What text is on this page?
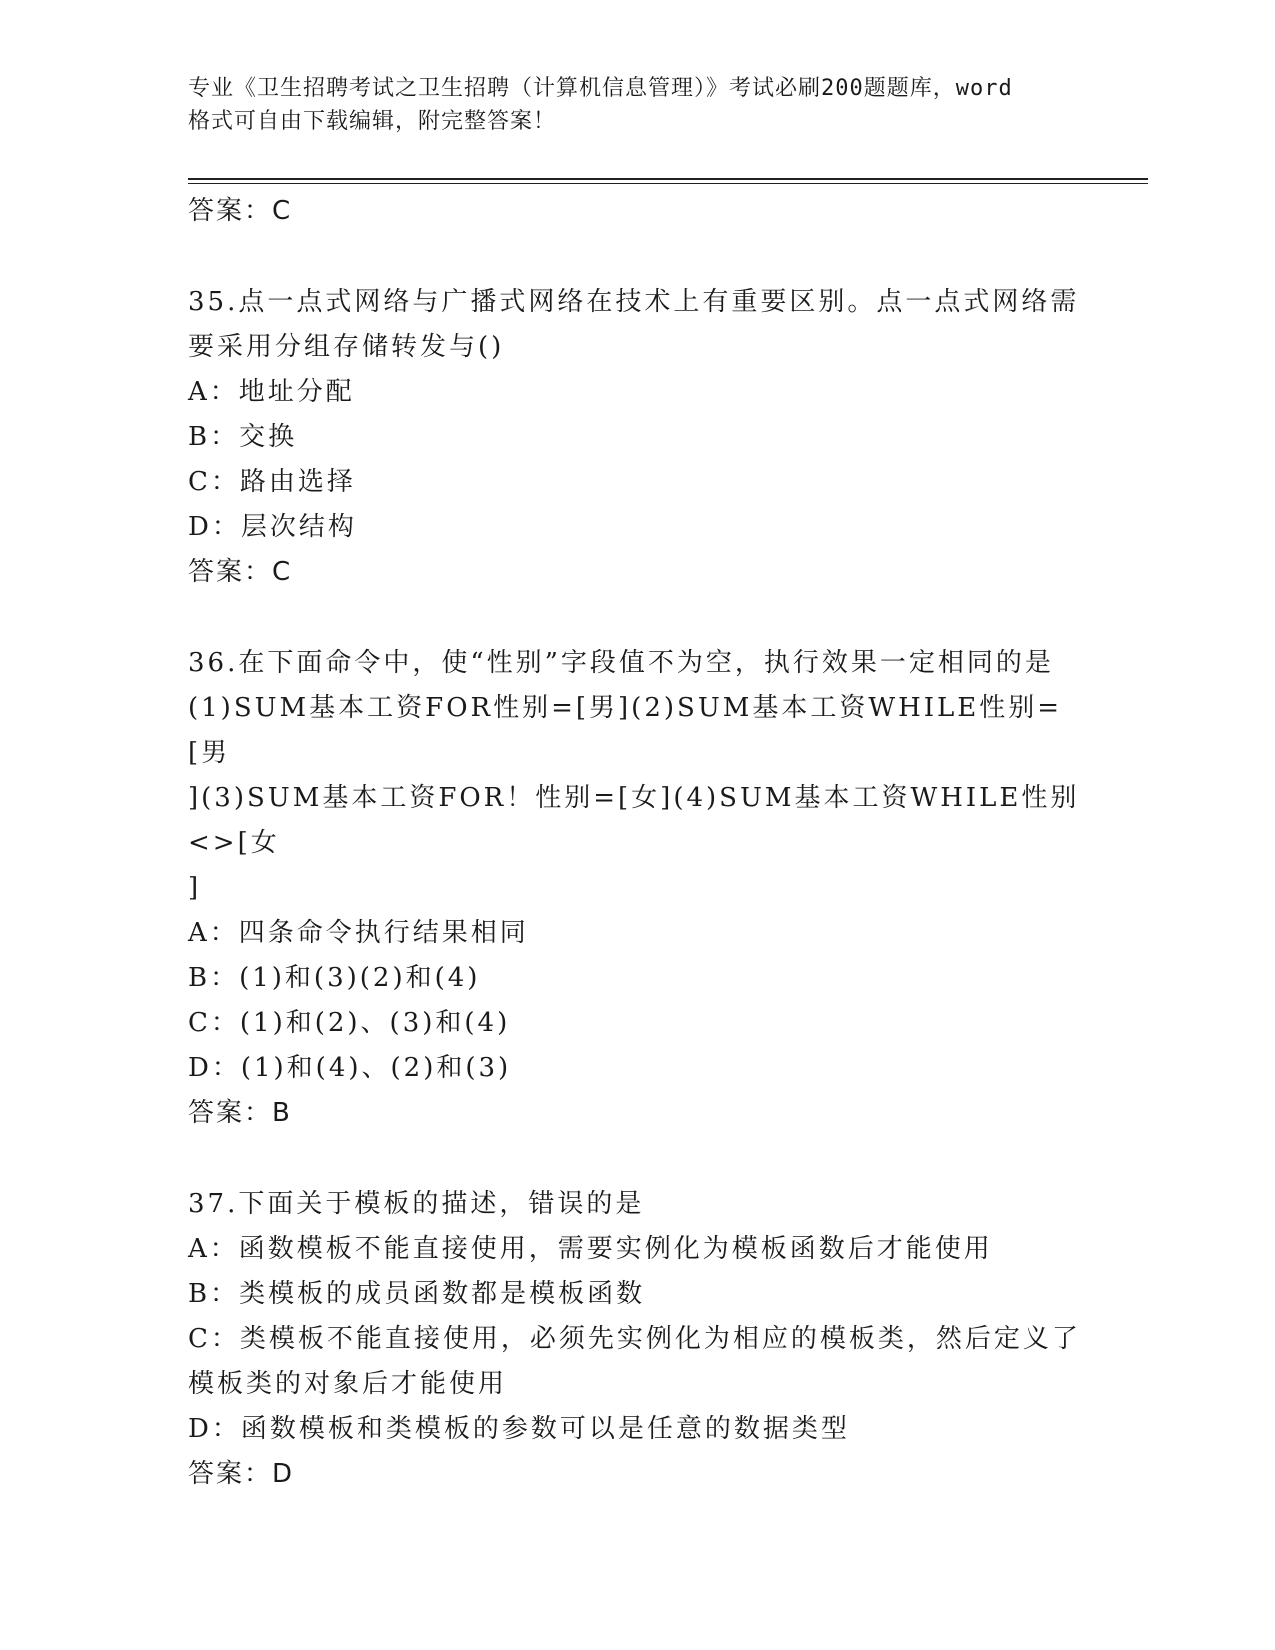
专业《卫生招聘考试之卫生招聘（计算机信息管理）》考试必刷200题题库，word
格式可自由下载编辑，附完整答案！
答案：C
35.点一点式网络与广播式网络在技术上有重要区别。点一点式网络需
要采用分组存储转发与()
A：地址分配
B：交换
C：路由选择
D：层次结构
答案：C
36.在下面命令中，使“性别”字段值不为空，执行效果一定相同的是
(1)SUM基本工资FOR性别=[男](2)SUM基本工资WHILE性别=[男
](3)SUM基本工资FOR！性别=[女](4)SUM基本工资WHILE性别<>[女
]
A：四条命令执行结果相同
B：(1)和(3)(2)和(4)
C：(1)和(2)、(3)和(4)
D：(1)和(4)、(2)和(3)
答案：B
37.下面关于模板的描述，错误的是
A：函数模板不能直接使用，需要实例化为模板函数后才能使用
B：类模板的成员函数都是模板函数
C：类模板不能直接使用，必须先实例化为相应的模板类，然后定义了
模板类的对象后才能使用
D：函数模板和类模板的参数可以是任意的数据类型
答案：D
